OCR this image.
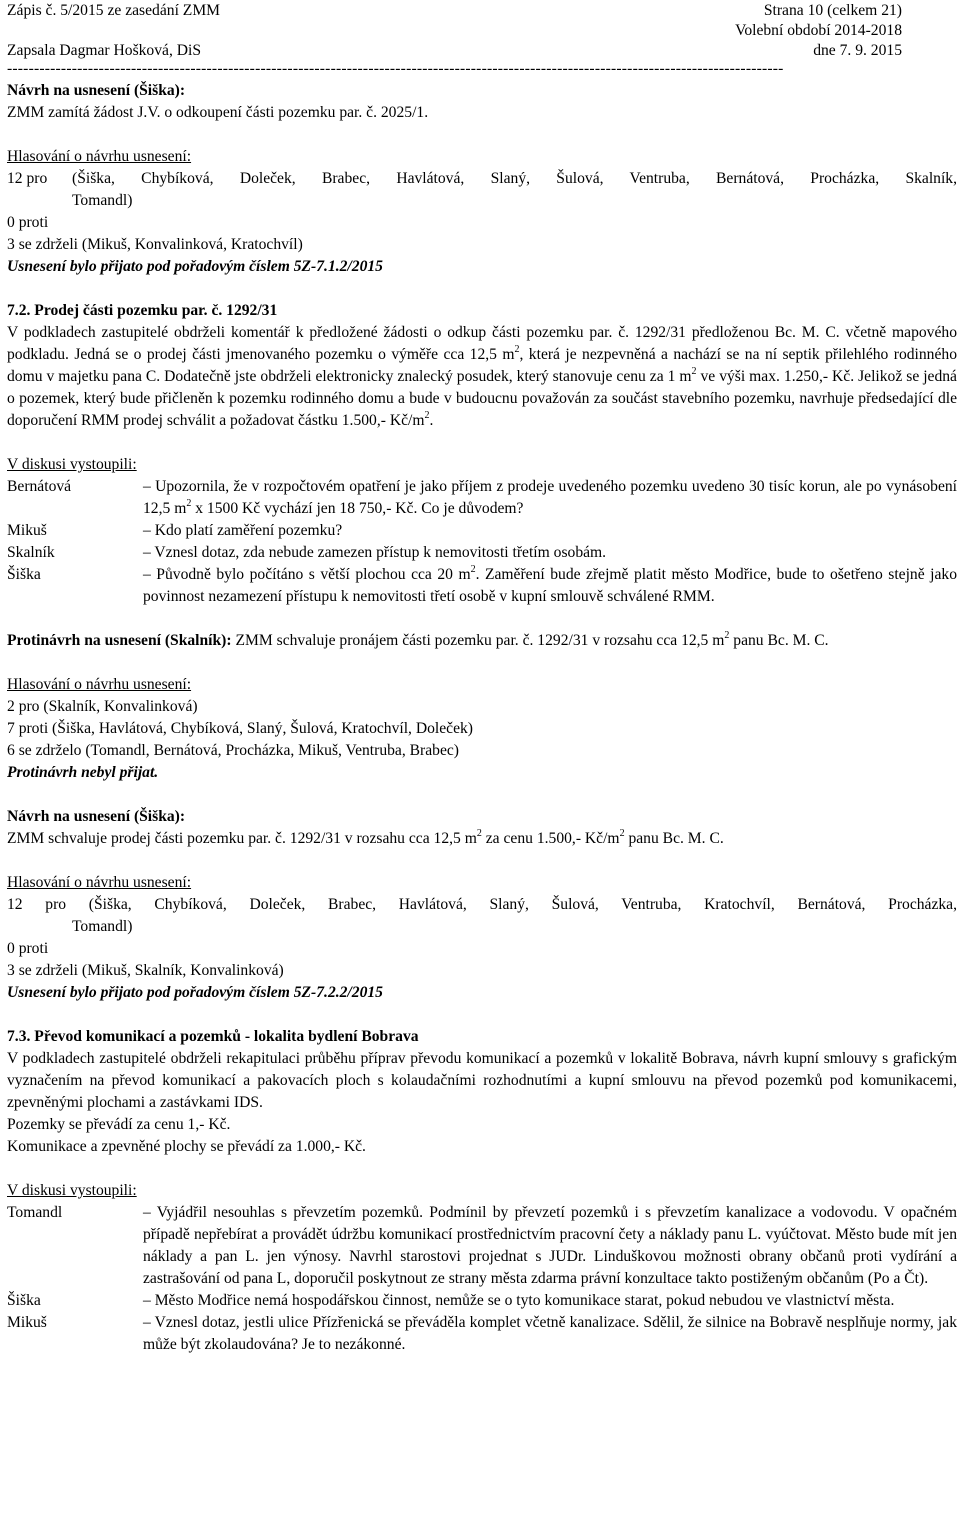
Zápis č. 5/2015 ze zasedání ZMM	Strana 10 (celkem 21)
Volební období 2014-2018
Zapsala Dagmar Hošková, DiS	dne 7. 9. 2015
------------------------------------------------------------------------------------------------------------------------------------------------
Návrh na usnesení (Šiška):
ZMM zamítá žádost J.V. o odkoupení části pozemku par. č. 2025/1.
Hlasování o návrhu usnesení:
12 pro	(Šiška, Chybíková, Doleček, Brabec, Havlátová, Slaný, Šulová, Ventruba, Bernátová, Procházka, Skalník,
Tomandl)
0 proti
3 se zdrželi (Mikuš, Konvalinková, Kratochvíl)
Usnesení bylo přijato pod pořadovým číslem 5Z-7.1.2/2015
7.2. Prodej části pozemku par. č. 1292/31
V podkladech zastupitelé obdrželi komentář k předložené žádosti o odkup části pozemku par. č. 1292/31 předloženou Bc. M. C. včetně mapového podkladu. Jedná se o prodej části jmenovaného pozemku o výměře cca 12,5 $m^2$, která je nezpevněná a nachází se na ní septik přilehlého rodinného domu v majetku pana C. Dodatečně jste obdrželi elektronicky znalecký posudek, který stanovuje cenu za 1 $m^2$ ve výši max. 1.250,- Kč. Jelikož se jedná o pozemek, který bude přičleněn k pozemku rodinného domu a bude v budoucnu považován za součást stavebního pozemku, navrhuje předsedající dle doporučení RMM prodej schválit a požadovat částku 1.500,- $Kč/m^2$.
V diskusi vystoupili:
Bernátová	– Upozornila, že v rozpočtovém opatření je jako příjem z prodeje uvedeného pozemku uvedeno 30 tisíc korun, ale po vynásobení 12,5 $m^2$ x 1500 Kč vychází jen 18 750,- Kč. Co je důvodem?
Mikuš	– Kdo platí zaměření pozemku?
Skalník	– Vznesl dotaz, zda nebude zamezen přístup k nemovitosti třetím osobám.
Šiška	– Původně bylo počítáno s větší plochou cca 20 $m^2$. Zaměření bude zřejmě platit město Modřice, bude to ošetřeno stejně jako povinnost nezamezení přístupu k nemovitosti třetí osobě v kupní smlouvě schválené RMM.
Protinávrh na usnesení (Skalník): ZMM schvaluje pronájem části pozemku par. č. 1292/31 v rozsahu cca 12,5 $m^2$ panu Bc. M. C.
Hlasování o návrhu usnesení:
2 pro (Skalník, Konvalinková)
7 proti (Šiška, Havlátová, Chybíková, Slaný, Šulová, Kratochvíl, Doleček)
6 se zdrželo (Tomandl, Bernátová, Procházka, Mikuš, Ventruba, Brabec)
Protinávrh nebyl přijat.
Návrh na usnesení (Šiška):
ZMM schvaluje prodej části pozemku par. č. 1292/31 v rozsahu cca 12,5 $m^2$ za cenu 1.500,- $Kč/m^2$ panu Bc. M. C.
Hlasování o návrhu usnesení:
12 pro (Šiška, Chybíková, Doleček, Brabec, Havlátová, Slaný, Šulová, Ventruba, Kratochvíl, Bernátová, Procházka,
Tomandl)
0 proti
3 se zdrželi (Mikuš, Skalník, Konvalinková)
Usnesení bylo přijato pod pořadovým číslem 5Z-7.2.2/2015
7.3. Převod komunikací a pozemků - lokalita bydlení Bobrava
V podkladech zastupitelé obdrželi rekapitulaci průběhu příprav převodu komunikací a pozemků v lokalitě Bobrava, návrh kupní smlouvy s grafickým vyznačením na převod komunikací a pakovacích ploch s kolaudačními rozhodnutími a kupní smlouvu na převod pozemků pod komunikacemi, zpevněnými plochami a zastávkami IDS.
Pozemky se převádí za cenu 1,- Kč.
Komunikace a zpevněné plochy se převádí za 1.000,- Kč.
V diskusi vystoupili:
Tomandl	– Vyjádřil nesouhlas s převzetím pozemků. Podmínil by převzetí pozemků i s převzetím kanalizace a vodovodu. V opačném případě nepřebírat a provádět údržbu komunikací prostřednictvím pracovní čety a náklady panu L. vyúčtovat. Město bude mít jen náklady a pan L. jen výnosy. Navrhl starostovi projednat s JUDr. Linduškovou možnosti obrany občanů proti vydírání a zastrašování od pana L, doporučil poskytnout ze strany města zdarma právní konzultace takto postiženým občanům (Po a Čt).
Šiška	– Město Modřice nemá hospodářskou činnost, nemůže se o tyto komunikace starat, pokud nebudou ve vlastnictví města.
Mikuš	– Vznesl dotaz, jestli ulice Přízřenická se převáděla komplet včetně kanalizace. Sdělil, že silnice na Bobravě nesplňuje normy, jak může být zkolaudována? Je to nezákonné.
